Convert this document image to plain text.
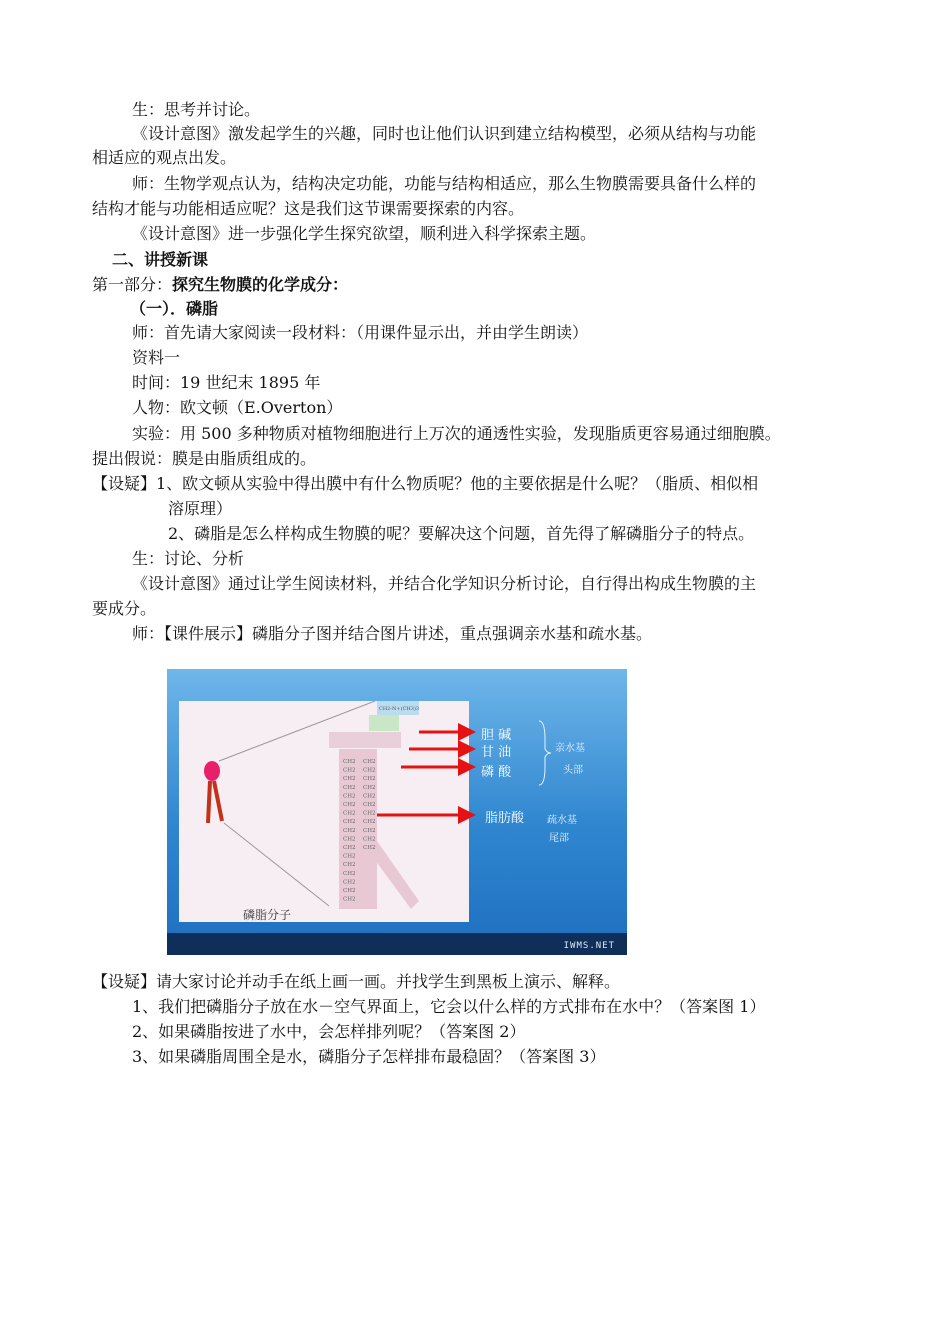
生：思考并讨论。
《设计意图》激发起学生的兴趣，同时也让他们认识到建立结构模型，必须从结构与功能
相适应的观点出发。
师：生物学观点认为，结构决定功能，功能与结构相适应，那么生物膜需要具备什么样的
结构才能与功能相适应呢？这是我们这节课需要探索的内容。
《设计意图》进一步强化学生探究欲望，顺利进入科学探索主题。
二、讲授新课
第一部分：探究生物膜的化学成分：
（一）．磷脂
师：首先请大家阅读一段材料：（用课件显示出，并由学生朗读）
资料一
时间：19 世纪末 1895 年
人物：欧文顿（E.Overton）
实验：用 500 多种物质对植物细胞进行上万次的通透性实验，发现脂质更容易通过细胞膜。
提出假说：膜是由脂质组成的。
【设疑】1、欧文顿从实验中得出膜中有什么物质呢？他的主要依据是什么呢？（脂质、相似相
溶原理）
2、磷脂是怎么样构成生物膜的呢？要解决这个问题，首先得了解磷脂分子的特点。
生：讨论、分析
《设计意图》通过让学生阅读材料，并结合化学知识分析讨论，自行得出构成生物膜的主
要成分。
师：【课件展示】磷脂分子图并结合图片讲述，重点强调亲水基和疏水基。
CH2-N+(CH3)3
CH2
CH2
CH2
CH2
CH2
CH2
CH2
CH2
CH2
CH2
CH2
CH2
CH2
CH2
CH2
CH2
CH2
CH2
CH2
CH2
CH2
CH2
CH2
CH2
CH2
CH2
CH2
CH2
磷脂分子
胆 碱
甘 油
磷 酸
脂肪酸
亲水基
头部
疏水基
尾部
IWMS.NET
【设疑】请大家讨论并动手在纸上画一画。并找学生到黑板上演示、解释。
1、我们把磷脂分子放在水－空气界面上，它会以什么样的方式排布在水中？（答案图 1）
2、如果磷脂按进了水中，会怎样排列呢？（答案图 2）
3、如果磷脂周围全是水，磷脂分子怎样排布最稳固？（答案图 3）
